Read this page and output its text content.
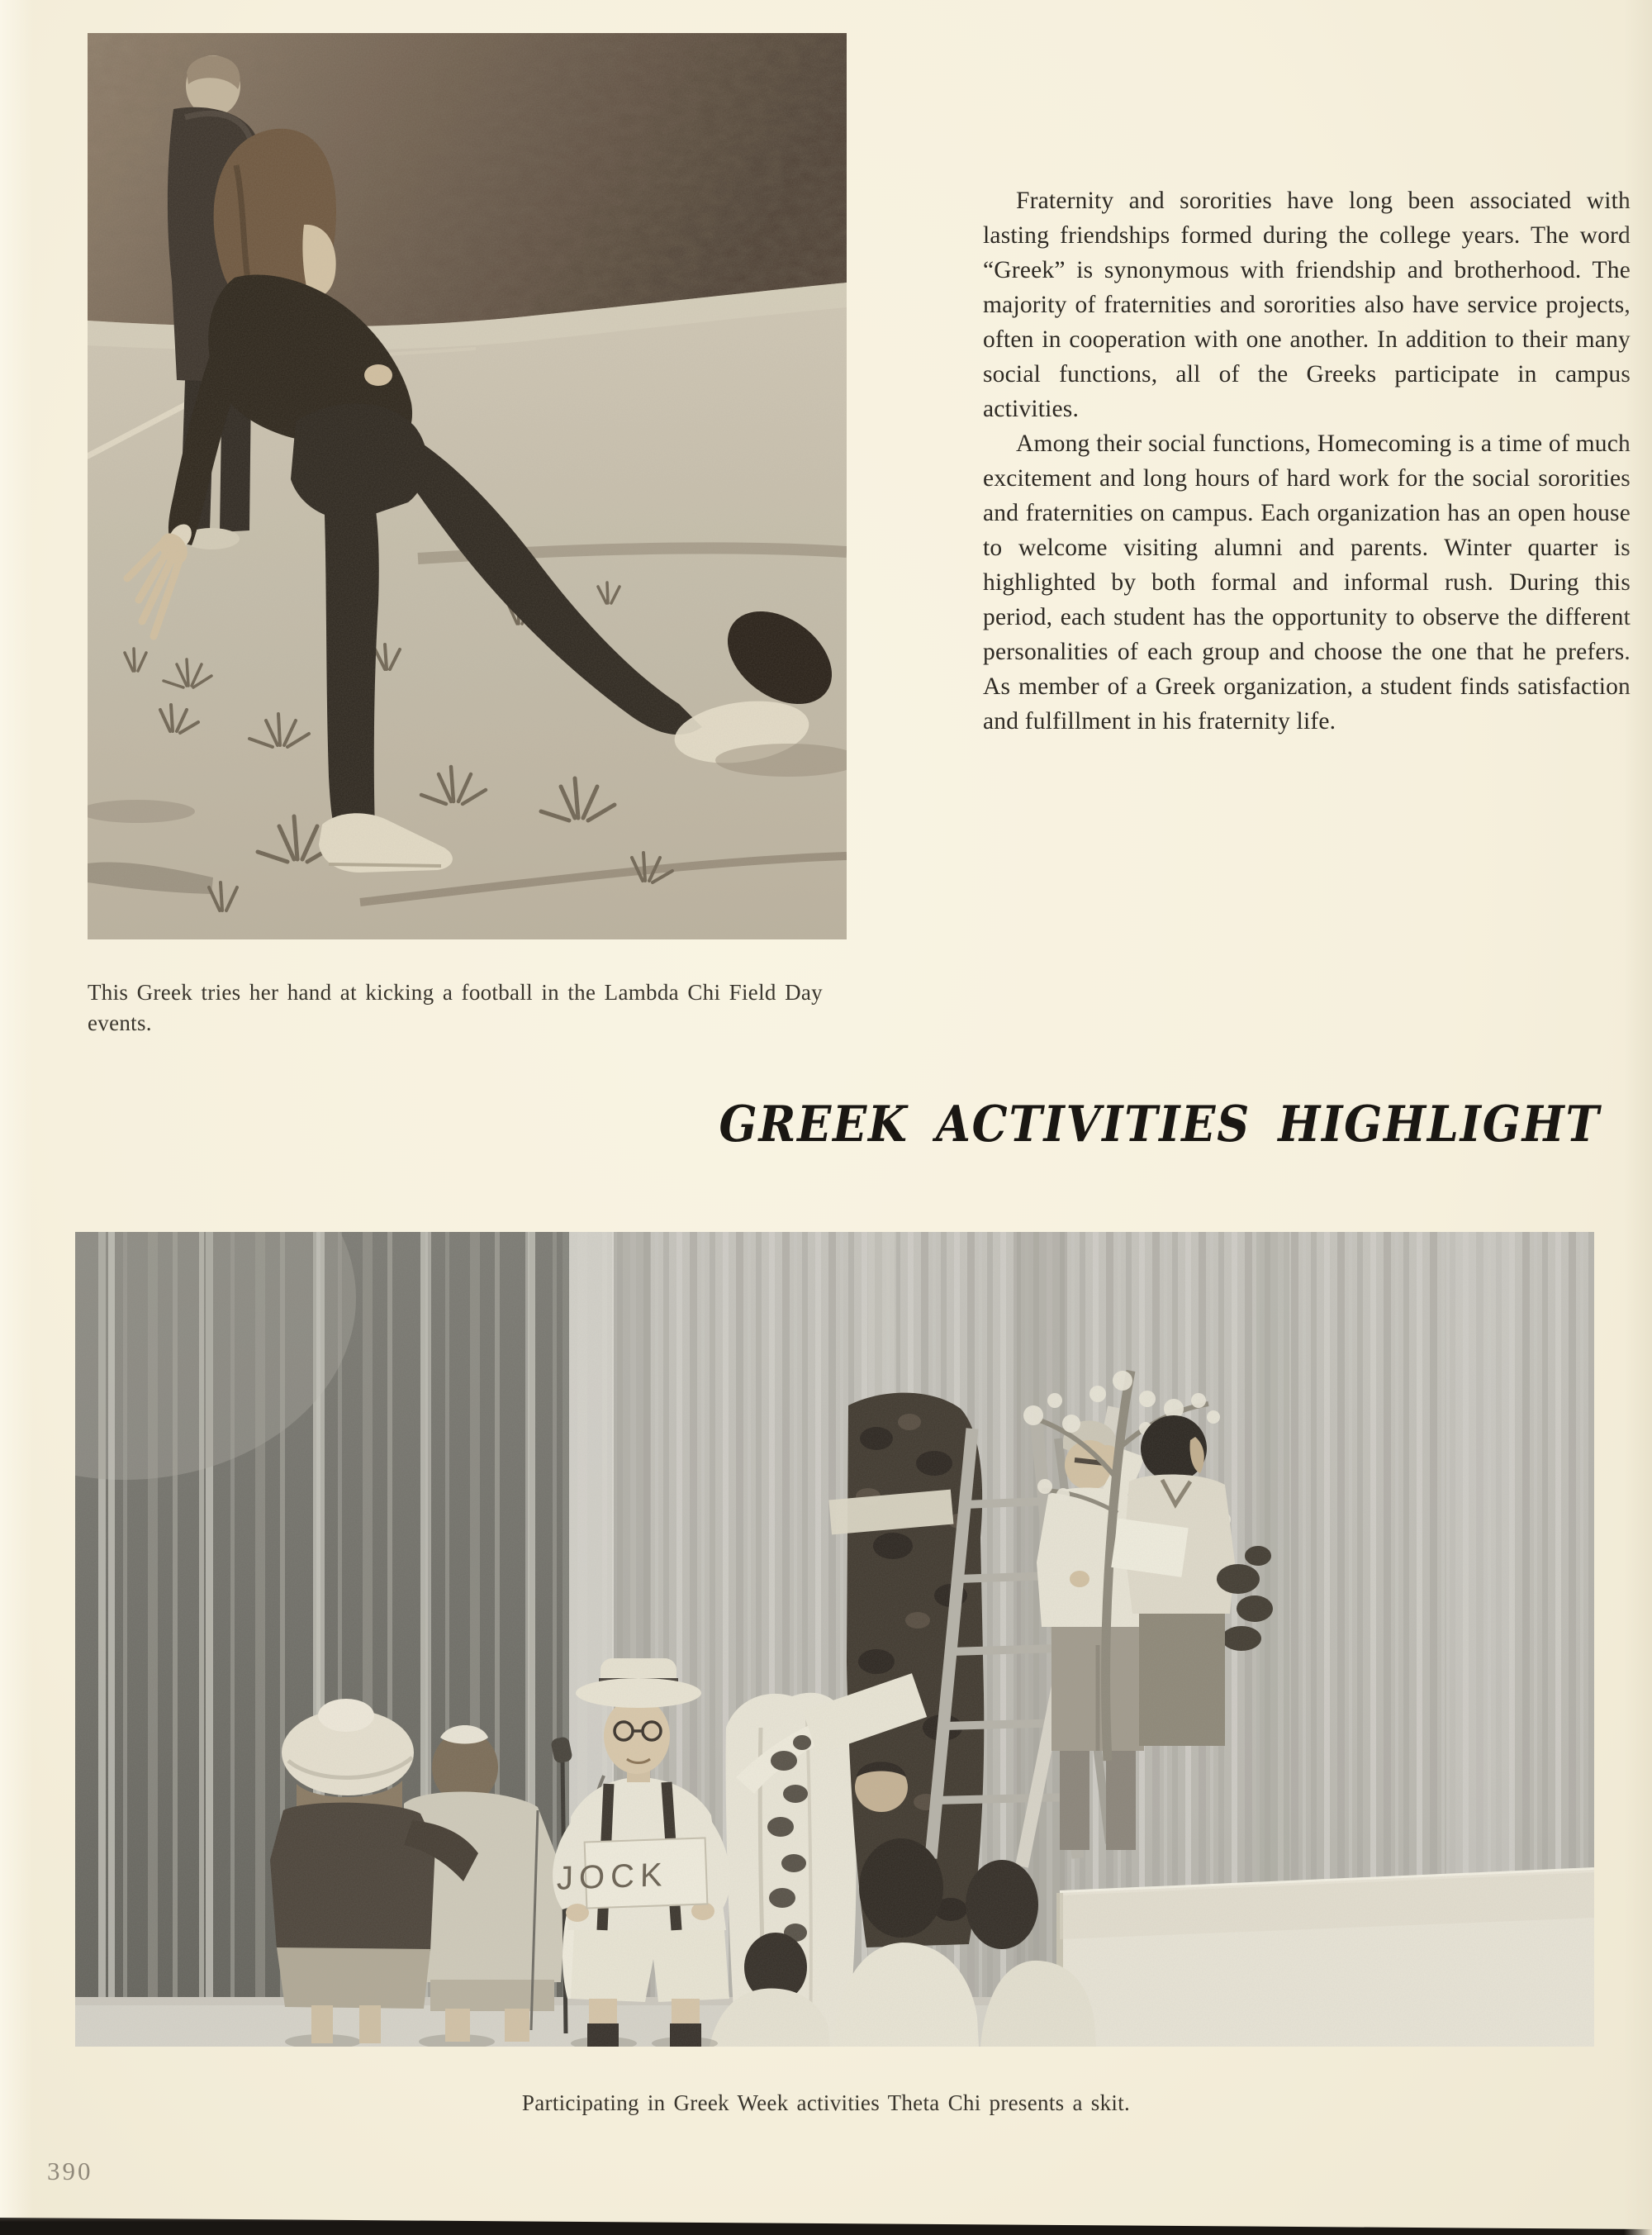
This Greek tries her hand at kicking a football in the Lambda Chi Field Day events.

Fraternity and sororities have long been associated with lasting friendships formed during the college years. The word “Greek” is synonymous with friendship and brotherhood. The majority of fraternities and sororities also have service projects, often in cooperation with one another. In addition to their many social functions, all of the Greeks participate in campus activities.

Among their social functions, Homecoming is a time of much excitement and long hours of hard work for the social sororities and fraternities on campus. Each organization has an open house to welcome visiting alumni and parents. Winter quarter is highlighted by both formal and informal rush. During this period, each student has the opportunity to observe the different personalities of each group and choose the one that he prefers. As member of a Greek organization, a student finds satisfaction and fulfillment in his fraternity life.

GREEK ACTIVITIES HIGHLIGHT
JOCK

Participating in Greek Week activities Theta Chi presents a skit.

390
